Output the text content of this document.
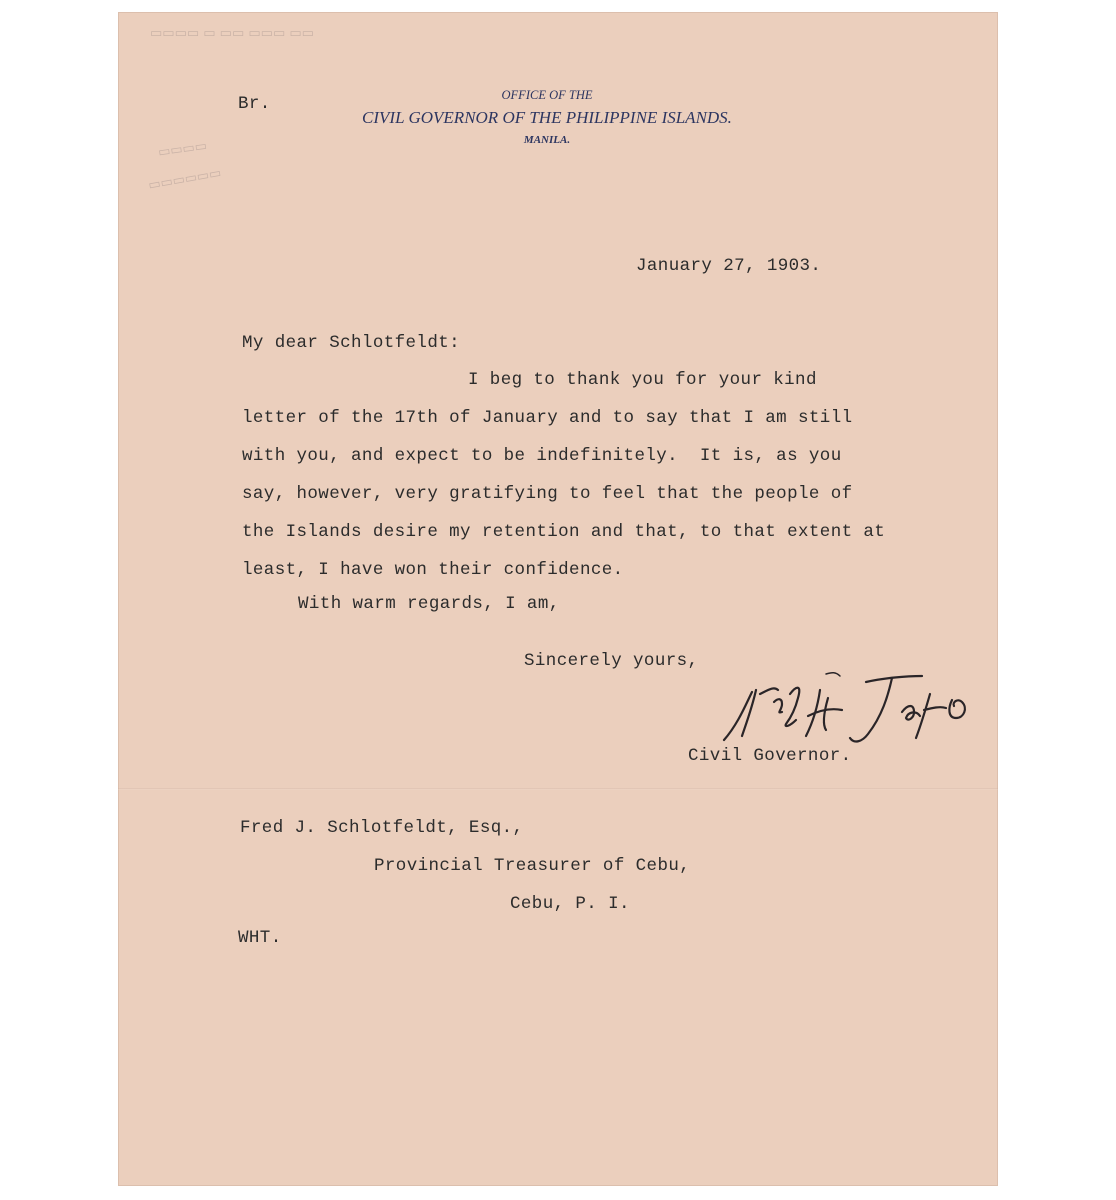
▭▭▭▭ ▭ ▭▭ ▭▭▭ ▭▭
▭▭▭▭
▭▭▭▭▭▭
OFFICE OF THE
CIVIL GOVERNOR OF THE PHILIPPINE ISLANDS.
MANILA.
Br.
January 27, 1903.
My dear Schlotfeldt:
I beg to thank you for your kind
letter of the 17th of January and to say that I am still
with you, and expect to be indefinitely.  It is, as you
say, however, very gratifying to feel that the people of
the Islands desire my retention and that, to that extent at
least, I have won their confidence.
With warm regards, I am,
Sincerely yours,
Civil Governor.
Fred J. Schlotfeldt, Esq.,
Provincial Treasurer of Cebu,
Cebu, P. I.
WHT.
